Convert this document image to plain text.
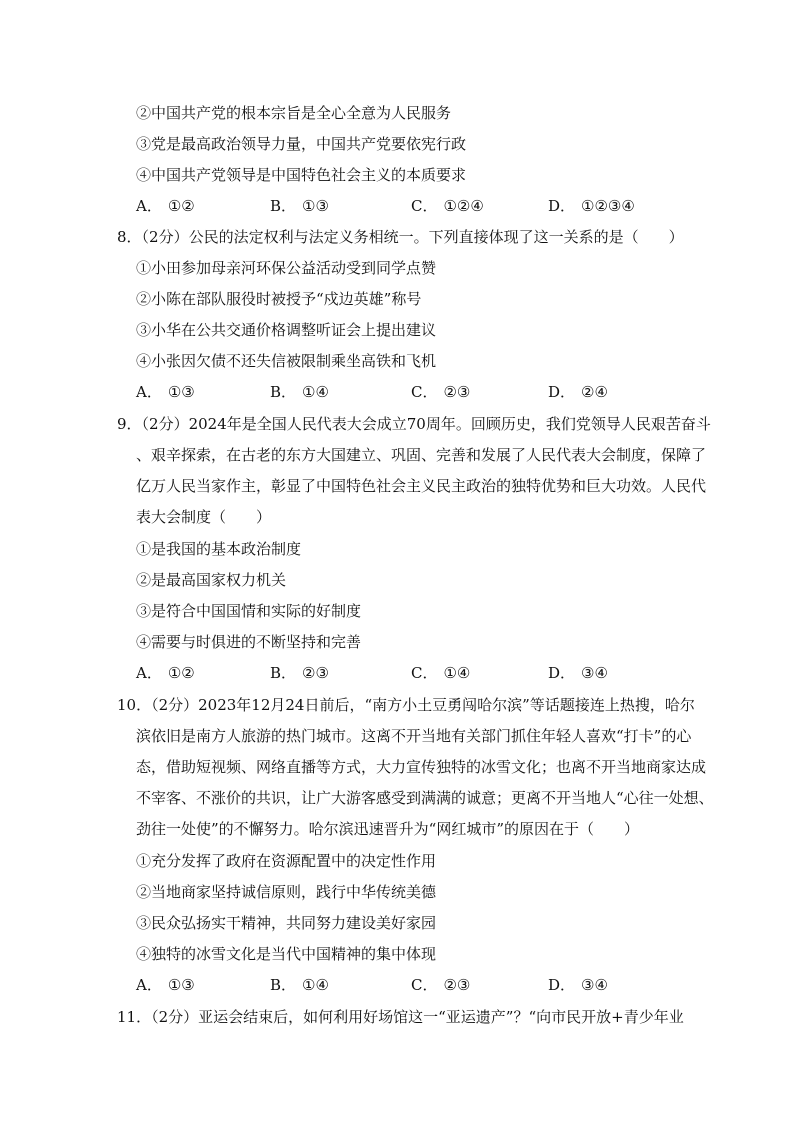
②中国共产党的根本宗旨是全心全意为人民服务
③党是最高政治领导力量，中国共产党要依宪行政
④中国共产党领导是中国特色社会主义的本质要求
A． ①②	B． ①③	C． ①②④	D． ①②③④
8．（2分）公民的法定权利与法定义务相统一。下列直接体现了这一关系的是（　　）
①小田参加母亲河环保公益活动受到同学点赞
②小陈在部队服役时被授予“戍边英雄”称号
③小华在公共交通价格调整听证会上提出建议
④小张因欠债不还失信被限制乘坐高铁和飞机
A． ①③	B． ①④	C． ②③	D． ②④
9．（2分）2024年是全国人民代表大会成立70周年。回顾历史，我们党领导人民艰苦奋斗
、艰辛探索，在古老的东方大国建立、巩固、完善和发展了人民代表大会制度，保障了
亿万人民当家作主，彰显了中国特色社会主义民主政治的独特优势和巨大功效。人民代
表大会制度（　　）
①是我国的基本政治制度
②是最高国家权力机关
③是符合中国国情和实际的好制度
④需要与时俱进的不断坚持和完善
A． ①②	B． ②③	C． ①④	D． ③④
10．（2分）2023年12月24日前后，“南方小土豆勇闯哈尔滨”等话题接连上热搜，哈尔
滨依旧是南方人旅游的热门城市。这离不开当地有关部门抓住年轻人喜欢“打卡”的心
态，借助短视频、网络直播等方式，大力宣传独特的冰雪文化；也离不开当地商家达成
不宰客、不涨价的共识，让广大游客感受到满满的诚意；更离不开当地人“心往一处想、
劲往一处使”的不懈努力。哈尔滨迅速晋升为“网红城市”的原因在于（　　）
①充分发挥了政府在资源配置中的决定性作用
②当地商家坚持诚信原则，践行中华传统美德
③民众弘扬实干精神，共同努力建设美好家园
④独特的冰雪文化是当代中国精神的集中体现
A． ①③	B． ①④	C． ②③	D． ③④
11．（2分）亚运会结束后，如何利用好场馆这一“亚运遗产”？“向市民开放+青少年业
